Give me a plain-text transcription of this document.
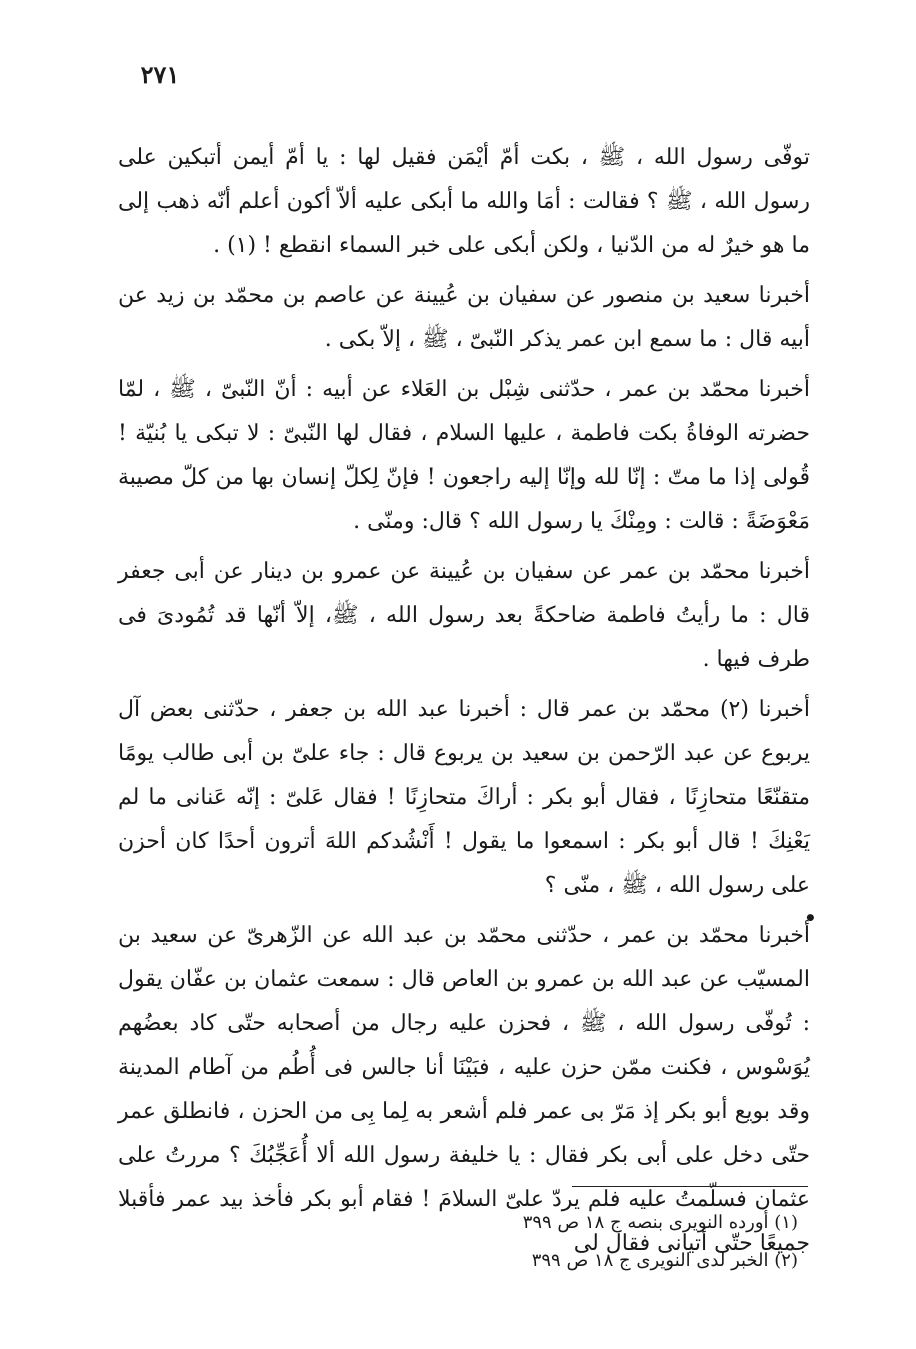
٢٧١

توفّى رسول الله ، ﷺ ، بكت أمّ أيْمَن فقيل لها : يا أمّ أيمن أتبكين على رسول الله ، ﷺ ؟ فقالت : أمَا والله ما أبكى عليه ألاّ أكون أعلم أنّه ذهب إلى ما هو خيرٌ له من الدّنيا ، ولكن أبكى على خبر السماء انقطع ! (١) .

أخبرنا سعيد بن منصور عن سفيان بن عُيينة عن عاصم بن محمّد بن زيد عن أبيه قال : ما سمع ابن عمر يذكر النّبىّ ، ﷺ ، إلاّ بكى .

أخبرنا محمّد بن عمر ، حدّثنى شِبْل بن العَلاء عن أبيه : أنّ النّبىّ ، ﷺ ، لمّا حضرته الوفاةُ بكت فاطمة ، عليها السلام ، فقال لها النّبىّ : لا تبكى يا بُنيّة ! قُولى إذا ما متّ : إنّا لله وإنّا إليه راجعون ! فإنّ لِكلّ إنسان بها من كلّ مصيبة مَعْوَضَةً : قالت : ومِنْكَ يا رسول الله ؟ قال: ومنّى .

أخبرنا محمّد بن عمر عن سفيان بن عُيينة عن عمرو بن دينار عن أبى جعفر قال : ما رأيتُ فاطمة ضاحكةً بعد رسول الله ، ﷺ، إلاّ أنّها قد تُمُودىَ فى طرف فيها .

أخبرنا (٢) محمّد بن عمر قال : أخبرنا عبد الله بن جعفر ، حدّثنى بعض آل يربوع عن عبد الرّحمن بن سعيد بن يربوع قال : جاء علىّ بن أبى طالب يومًا متقنّعًا متحازِنًا ، فقال أبو بكر : أراكَ متحازِنًا ! فقال عَلىّ : إنّه عَنانى ما لم يَعْنِكَ ! قال أبو بكر : اسمعوا ما يقول ! أَنْشُدكم اللهَ أترون أحدًا كان أحزن على رسول الله ، ﷺ ، منّى ؟

أخبرنا محمّد بن عمر ، حدّثنى محمّد بن عبد الله عن الزّهرىّ عن سعيد بن المسيّب عن عبد الله بن عمرو بن العاص قال : سمعت عثمان بن عفّان يقول : تُوفّى رسول الله ، ﷺ ، فحزن عليه رجال من أصحابه حتّى كاد بعضُهم يُوَسْوس ، فكنت ممّن حزن عليه ، فبَيْنَا أنا جالس فى أُطُم من آطام المدينة وقد بويع أبو بكر إذ مَرّ بى عمر فلم أشعر به لِما بِى من الحزن ، فانطلق عمر حتّى دخل على أبى بكر فقال : يا خليفة رسول الله ألا أُعَجِّبُكَ ؟ مررتُ على عثمان فسلّمتُ عليه فلم يردّ علىّ السلامَ ! فقام أبو بكر فأخذ بيد عمر فأقبلا جميعًا حتّى أتيانى فقال لى

•

(١) أورده النويرى بنصه ج ١٨ ص ٣٩٩

(٢) الخبر لدى النويرى ج ١٨ ص ٣٩٩
